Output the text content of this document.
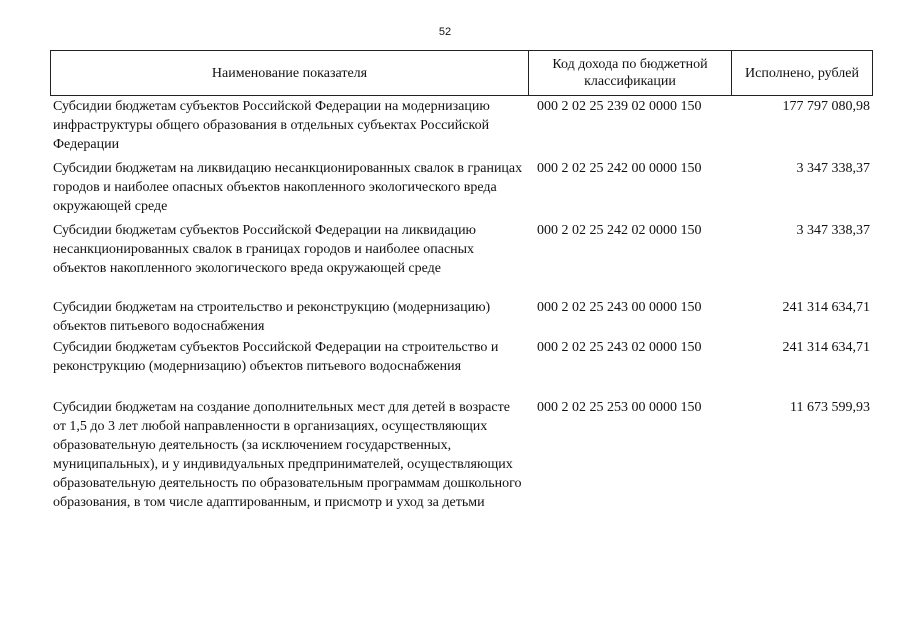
52
Наименование показателя
Код дохода по бюджетной
классификации
Исполнено, рублей
Субсидии бюджетам субъектов Российской Федерации на модернизацию инфраструктуры общего образования в отдельных субъектах Российской Федерации
000 2 02 25 239 02 0000 150	177 797 080,98
Субсидии бюджетам на ликвидацию несанкционированных свалок в границах городов и наиболее опасных объектов накопленного экологического вреда окружающей среде
000 2 02 25 242 00 0000 150	3 347 338,37
Субсидии бюджетам субъектов Российской Федерации на ликвидацию несанкционированных свалок в границах городов и наиболее опасных объектов накопленного экологического вреда окружающей среде
000 2 02 25 242 02 0000 150	3 347 338,37
Субсидии бюджетам на строительство и реконструкцию (модернизацию) объектов питьевого водоснабжения
000 2 02 25 243 00 0000 150	241 314 634,71
Субсидии бюджетам субъектов Российской Федерации на строительство и реконструкцию (модернизацию) объектов питьевого водоснабжения
000 2 02 25 243 02 0000 150	241 314 634,71
Субсидии бюджетам на создание дополнительных мест для детей в возрасте от 1,5 до 3 лет любой направленности в организациях, осуществляющих образовательную деятельность (за исключением государственных, муниципальных), и у индивидуальных предпринимателей, осуществляющих образовательную деятельность по образовательным программам дошкольного образования, в том числе адаптированным, и присмотр и уход за детьми
000 2 02 25 253 00 0000 150	11 673 599,93
